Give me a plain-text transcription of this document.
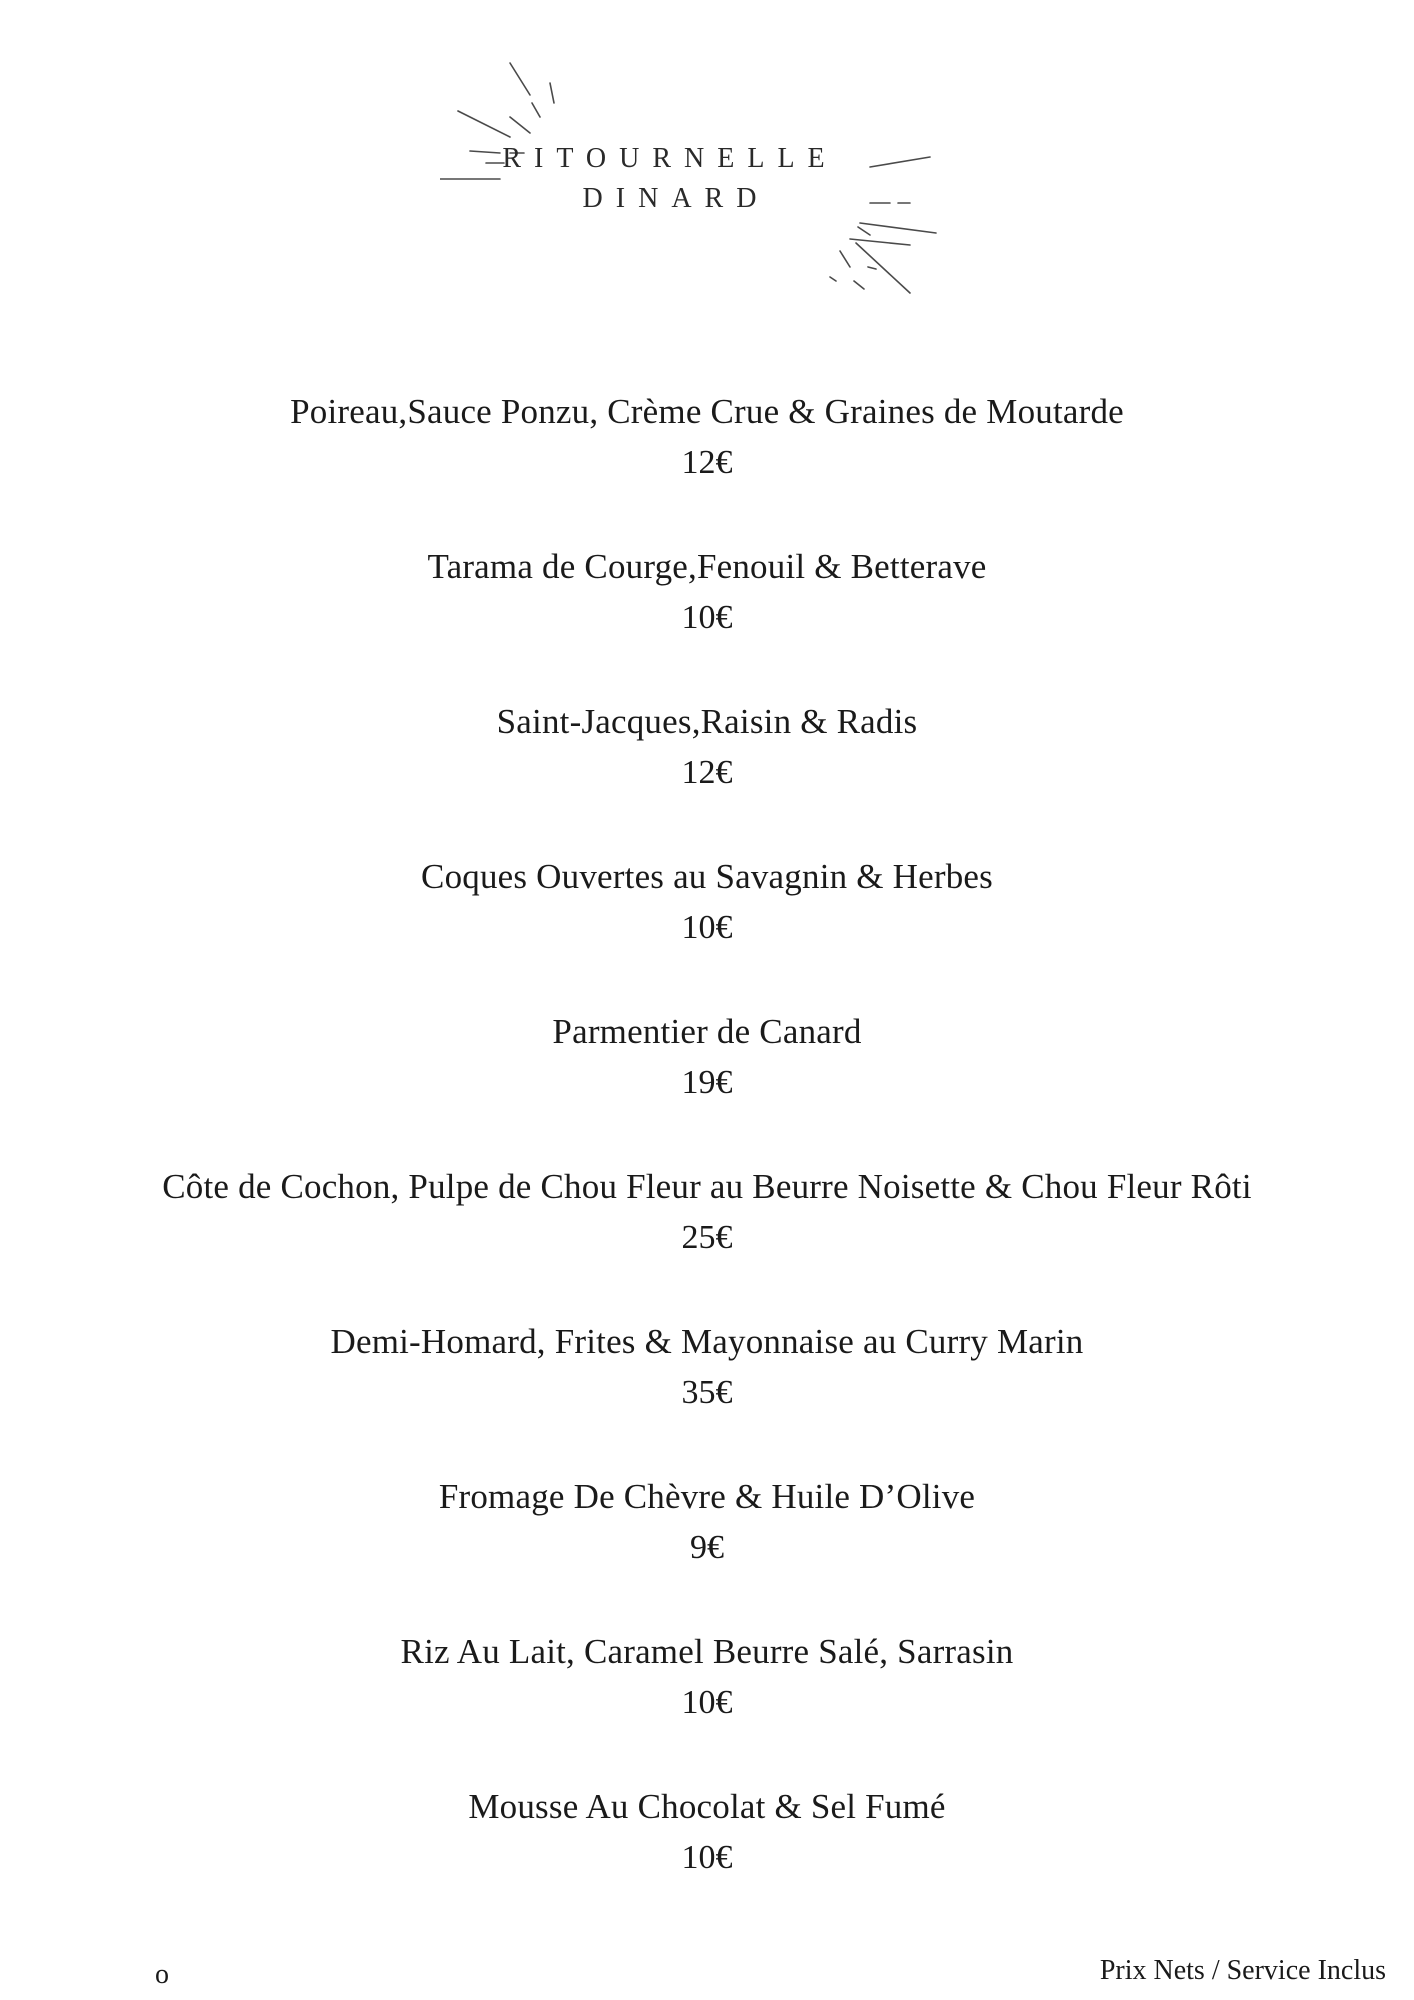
RITOURNELLE
DINARD
Poireau,Sauce Ponzu, Crème Crue & Graines de Moutarde
12€
Tarama de Courge,Fenouil & Betterave
10€
Saint-Jacques,Raisin & Radis
12€
Coques Ouvertes au Savagnin & Herbes
10€
Parmentier de Canard
19€
Côte de Cochon, Pulpe de Chou Fleur au Beurre Noisette & Chou Fleur Rôti
25€
Demi-Homard, Frites & Mayonnaise au Curry Marin
35€
Fromage De Chèvre & Huile D’Olive
9€
Riz Au Lait, Caramel Beurre Salé, Sarrasin
10€
Mousse Au Chocolat & Sel Fumé
10€
o	Prix Nets / Service Inclus
